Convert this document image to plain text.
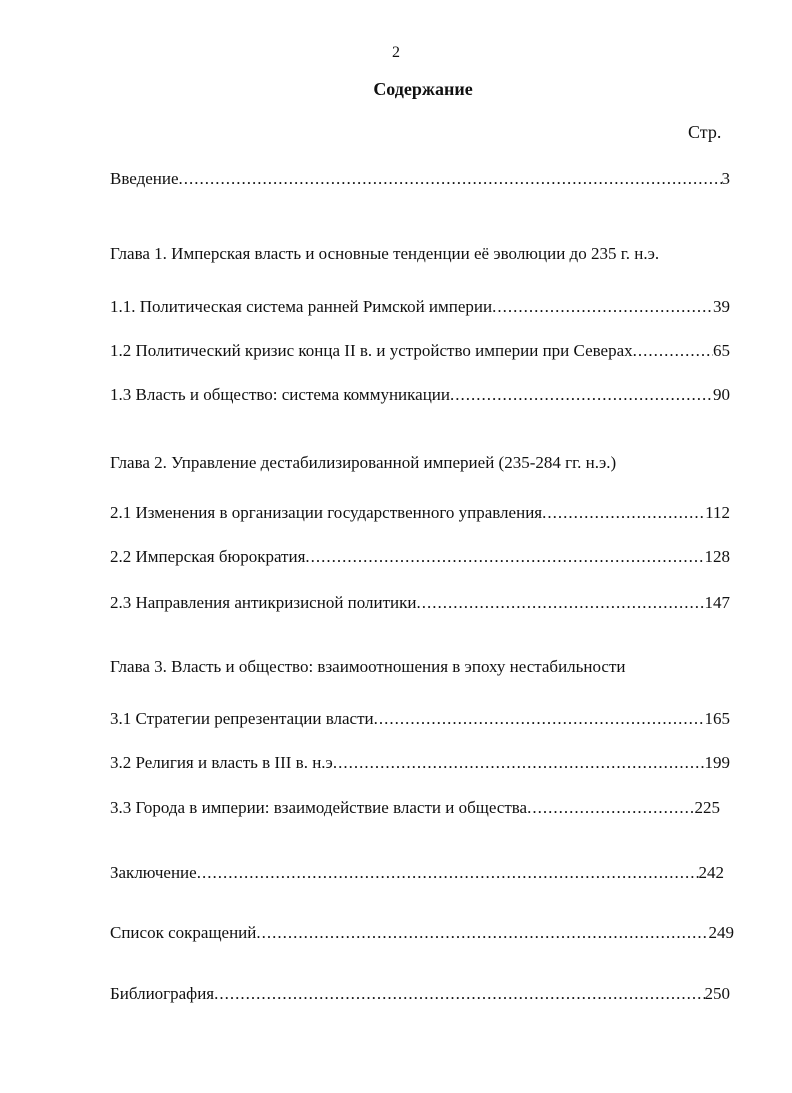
2
Содержание
Стр.
Введение .....	3
Глава 1. Имперская власть и основные тенденции её эволюции до 235 г. н.э.
1.1. Политическая система ранней Римской империи .....	39
1.2 Политический кризис конца II в. и устройство империи при Северах .....	65
1.3 Власть и общество: система коммуникации .....	90
Глава 2. Управление дестабилизированной империей (235-284 гг. н.э.)
2.1 Изменения в организации государственного управления .....	112
2.2 Имперская бюрократия .....	128
2.3 Направления антикризисной политики .....	147
Глава 3. Власть и общество: взаимоотношения в эпоху нестабильности
3.1 Стратегии репрезентации власти .....	165
3.2 Религия и власть в III в. н.э .....	199
3.3 Города в империи: взаимодействие власти и общества .....	225
Заключение .....	242
Список сокращений .....	249
Библиография .....	250
